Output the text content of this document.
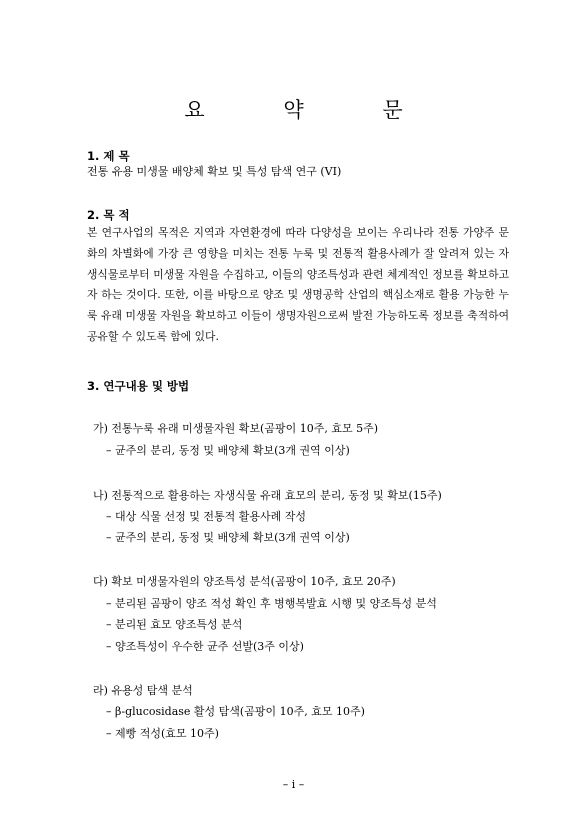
요 약 문
1. 제 목
전통 유용 미생물 배양체 확보 및 특성 탐색 연구 (VI)
2. 목 적
본 연구사업의 목적은 지역과 자연환경에 따라 다양성을 보이는 우리나라 전통 가양주 문화의 차별화에 가장 큰 영향을 미치는 전통 누룩 및 전통적 활용사례가 잘 알려져 있는 자생식물로부터 미생물 자원을 수집하고, 이들의 양조특성과 관련 체계적인 정보를 확보하고자 하는 것이다. 또한, 이를 바탕으로 양조 및 생명공학 산업의 핵심소재로 활용 가능한 누룩 유래 미생물 자원을 확보하고 이들이 생명자원으로써 발전 가능하도록 정보를 축적하여 공유할 수 있도록 함에 있다.
3. 연구내용 및 방법
가) 전통누룩 유래 미생물자원 확보(곰팡이 10주, 효모 5주)
– 균주의 분리, 동정 및 배양체 확보(3개 권역 이상)
나) 전통적으로 활용하는 자생식물 유래 효모의 분리, 동정 및 확보(15주)
– 대상 식물 선정 및 전통적 활용사례 작성
– 균주의 분리, 동정 및 배양체 확보(3개 권역 이상)
다) 확보 미생물자원의 양조특성 분석(곰팡이 10주, 효모 20주)
– 분리된 곰팡이 양조 적성 확인 후 병행복발효 시행 및 양조특성 분석
– 분리된 효모 양조특성 분석
– 양조특성이 우수한 균주 선발(3주 이상)
라) 유용성 탐색 분석
– β-glucosidase 활성 탐색(곰팡이 10주, 효모 10주)
– 제빵 적성(효모 10주)
– i –
